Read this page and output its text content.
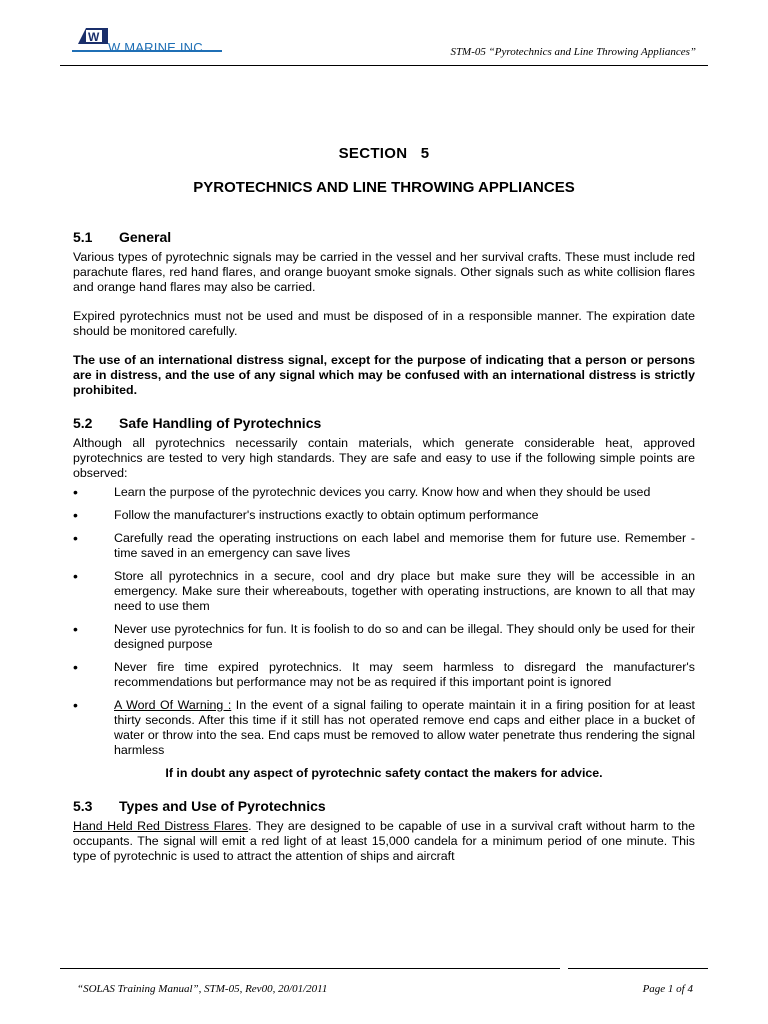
W
W MARINE INC	STM-05 “Pyrotechnics and Line Throwing Appliances”
SECTION 5
PYROTECHNICS AND LINE THROWING APPLIANCES
5.1	General

Various types of pyrotechnic signals may be carried in the vessel and her survival crafts. These must include red parachute flares, red hand flares, and orange buoyant smoke signals. Other signals such as white collision flares and orange hand flares may also be carried.

Expired pyrotechnics must not be used and must be disposed of in a responsible manner. The expiration date should be monitored carefully.

The use of an international distress signal, except for the purpose of indicating that a person or persons are in distress, and the use of any signal which may be confused with an international distress is strictly prohibited.

5.2	Safe Handling of Pyrotechnics

Although all pyrotechnics necessarily contain materials, which generate considerable heat, approved pyrotechnics are tested to very high standards. They are safe and easy to use if the following simple points are observed:

•	Learn the purpose of the pyrotechnic devices you carry. Know how and when they should be used
•	Follow the manufacturer's instructions exactly to obtain optimum performance
•	Carefully read the operating instructions on each label and memorise them for future use. Remember - time saved in an emergency can save lives
•	Store all pyrotechnics in a secure, cool and dry place but make sure they will be accessible in an emergency. Make sure their whereabouts, together with operating instructions, are known to all that may need to use them
•	Never use pyrotechnics for fun. It is foolish to do so and can be illegal. They should only be used for their designed purpose
•	Never fire time expired pyrotechnics. It may seem harmless to disregard the manufacturer's recommendations but performance may not be as required if this important point is ignored
•	A Word Of Warning : In the event of a signal failing to operate maintain it in a firing position for at least thirty seconds. After this time if it still has not operated remove end caps and either place in a bucket of water or throw into the sea. End caps must be removed to allow water penetrate thus rendering the signal harmless
If in doubt any aspect of pyrotechnic safety contact the makers for advice.
5.3	Types and Use of Pyrotechnics

Hand Held Red Distress Flares. They are designed to be capable of use in a survival craft without harm to the occupants. The signal will emit a red light of at least 15,000 candela for a minimum period of one minute. This type of pyrotechnic is used to attract the attention of ships and aircraft

“SOLAS Training Manual”, STM-05, Rev00, 20/01/2011	Page 1 of 4
